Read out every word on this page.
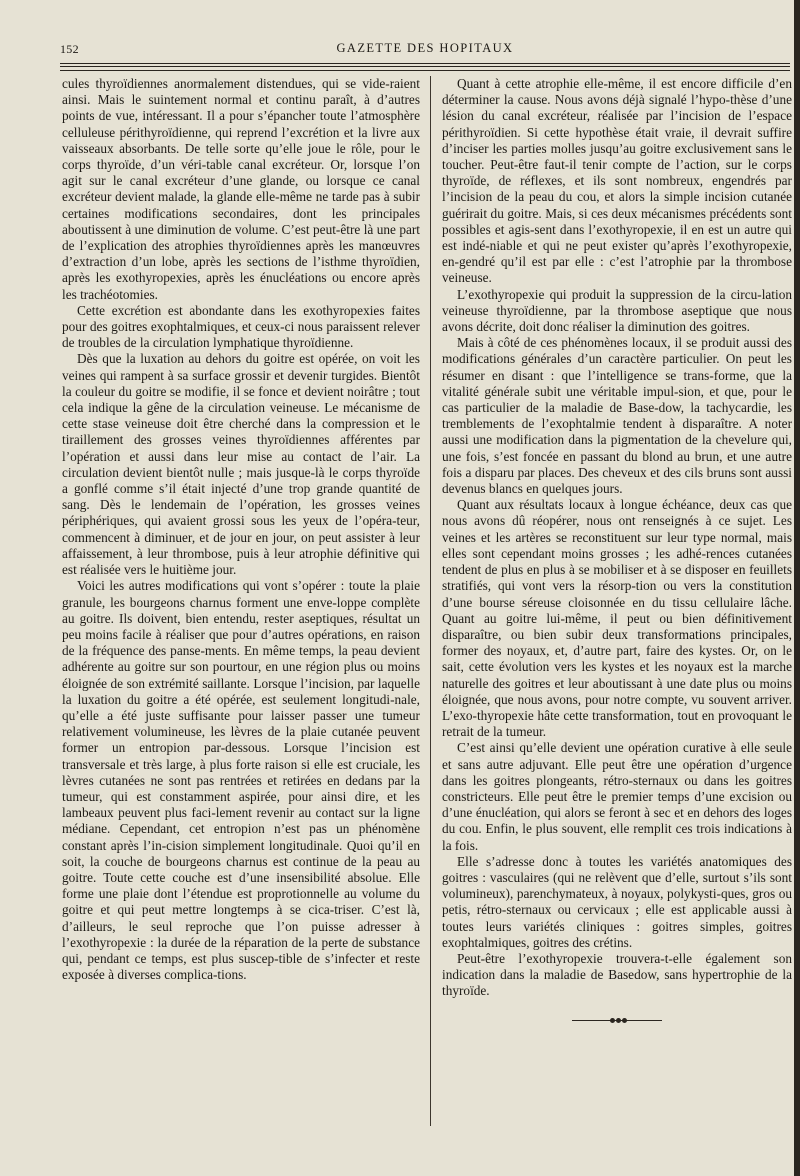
152	GAZETTE DES HOPITAUX

cules thyroïdiennes anormalement distendues, qui se vide-raient ainsi. Mais le suintement normal et continu paraît, à d’autres points de vue, intéressant. Il a pour s’épancher toute l’atmosphère celluleuse périthyroïdienne, qui reprend l’excrétion et la livre aux vaisseaux absorbants. De telle sorte qu’elle joue le rôle, pour le corps thyroïde, d’un véri-table canal excréteur. Or, lorsque l’on agit sur le canal excréteur d’une glande, ou lorsque ce canal excréteur devient malade, la glande elle-même ne tarde pas à subir certaines modifications secondaires, dont les principales aboutissent à une diminution de volume. C’est peut-être là une part de l’explication des atrophies thyroïdiennes après les manœuvres d’extraction d’un lobe, après les sections de l’isthme thyroïdien, après les exothyropexies, après les énucléations ou encore après les trachéotomies.

Cette excrétion est abondante dans les exothyropexies faites pour des goitres exophtalmiques, et ceux-ci nous paraissent relever de troubles de la circulation lymphatique thyroïdienne.

Dès que la luxation au dehors du goitre est opérée, on voit les veines qui rampent à sa surface grossir et devenir turgides. Bientôt la couleur du goitre se modifie, il se fonce et devient noirâtre ; tout cela indique la gêne de la circulation veineuse. Le mécanisme de cette stase veineuse doit être cherché dans la compression et le tiraillement des grosses veines thyroïdiennes afférentes par l’opération et aussi dans leur mise au contact de l’air. La circulation devient bientôt nulle ; mais jusque-là le corps thyroïde a gonflé comme s’il était injecté d’une trop grande quantité de sang. Dès le lendemain de l’opération, les grosses veines périphériques, qui avaient grossi sous les yeux de l’opéra-teur, commencent à diminuer, et de jour en jour, on peut assister à leur affaissement, à leur thrombose, puis à leur atrophie définitive qui est réalisée vers le huitième jour.

Voici les autres modifications qui vont s’opérer : toute la plaie granule, les bourgeons charnus forment une enve-loppe complète au goitre. Ils doivent, bien entendu, rester aseptiques, résultat un peu moins facile à réaliser que pour d’autres opérations, en raison de la fréquence des panse-ments. En même temps, la peau devient adhérente au goitre sur son pourtour, en une région plus ou moins éloignée de son extrémité saillante. Lorsque l’incision, par laquelle la luxation du goitre a été opérée, est seulement longitudi-nale, qu’elle a été juste suffisante pour laisser passer une tumeur relativement volumineuse, les lèvres de la plaie cutanée peuvent former un entropion par-dessous. Lorsque l’incision est transversale et très large, à plus forte raison si elle est cruciale, les lèvres cutanées ne sont pas rentrées et retirées en dedans par la tumeur, qui est constamment aspirée, pour ainsi dire, et les lambeaux peuvent plus faci-lement revenir au contact sur la ligne médiane. Cependant, cet entropion n’est pas un phénomène constant après l’in-cision simplement longitudinale. Quoi qu’il en soit, la couche de bourgeons charnus est continue de la peau au goitre. Toute cette couche est d’une insensibilité absolue. Elle forme une plaie dont l’étendue est proprotionnelle au volume du goitre et qui peut mettre longtemps à se cica-triser. C’est là, d’ailleurs, le seul reproche que l’on puisse adresser à l’exothyropexie : la durée de la réparation de la perte de substance qui, pendant ce temps, est plus suscep-tible de s’infecter et reste exposée à diverses complica-tions.

Quant à cette atrophie elle-même, il est encore difficile d’en déterminer la cause. Nous avons déjà signalé l’hypo-thèse d’une lésion du canal excréteur, réalisée par l’incision de l’espace périthyroïdien. Si cette hypothèse était vraie, il devrait suffire d’inciser les parties molles jusqu’au goitre exclusivement sans le toucher. Peut-être faut-il tenir compte de l’action, sur le corps thyroïde, de réflexes, et ils sont nombreux, engendrés par l’incision de la peau du cou, et alors la simple incision cutanée guérirait du goitre. Mais, si ces deux mécanismes précédents sont possibles et agis-sent dans l’exothyropexie, il en est un autre qui est indé-niable et qui ne peut exister qu’après l’exothyropexie, en-gendré qu’il est par elle : c’est l’atrophie par la thrombose veineuse.

L’exothyropexie qui produit la suppression de la circu-lation veineuse thyroïdienne, par la thrombose aseptique que nous avons décrite, doit donc réaliser la diminution des goitres.

Mais à côté de ces phénomènes locaux, il se produit aussi des modifications générales d’un caractère particulier. On peut les résumer en disant : que l’intelligence se trans-forme, que la vitalité générale subit une véritable impul-sion, et que, pour le cas particulier de la maladie de Base-dow, la tachycardie, les tremblements de l’exophtalmie tendent à disparaître. A noter aussi une modification dans la pigmentation de la chevelure qui, une fois, s’est foncée en passant du blond au brun, et une autre fois a disparu par places. Des cheveux et des cils bruns sont aussi devenus blancs en quelques jours.

Quant aux résultats locaux à longue échéance, deux cas que nous avons dû réopérer, nous ont renseignés à ce sujet. Les veines et les artères se reconstituent sur leur type normal, mais elles sont cependant moins grosses ; les adhé-rences cutanées tendent de plus en plus à se mobiliser et à se disposer en feuillets stratifiés, qui vont vers la résorp-tion ou vers la constitution d’une bourse séreuse cloisonnée en du tissu cellulaire lâche. Quant au goitre lui-même, il peut ou bien définitivement disparaître, ou bien subir deux transformations principales, former des noyaux, et, d’autre part, faire des kystes. Or, on le sait, cette évolution vers les kystes et les noyaux est la marche naturelle des goitres et leur aboutissant à une date plus ou moins éloignée, que nous avons, pour notre compte, vu souvent arriver. L’exo-thyropexie hâte cette transformation, tout en provoquant le retrait de la tumeur.

C’est ainsi qu’elle devient une opération curative à elle seule et sans autre adjuvant. Elle peut être une opération d’urgence dans les goitres plongeants, rétro-sternaux ou dans les goitres constricteurs. Elle peut être le premier temps d’une excision ou d’une énucléation, qui alors se feront à sec et en dehors des loges du cou. Enfin, le plus souvent, elle remplit ces trois indications à la fois.

Elle s’adresse donc à toutes les variétés anatomiques des goitres : vasculaires (qui ne relèvent que d’elle, surtout s’ils sont volumineux), parenchymateux, à noyaux, polykysti-ques, gros ou petis, rétro-sternaux ou cervicaux ; elle est applicable aussi à toutes leurs variétés cliniques : goitres simples, goitres exophtalmiques, goitres des crétins.

Peut-être l’exothyropexie trouvera-t-elle également son indication dans la maladie de Basedow, sans hypertrophie de la thyroïde.
